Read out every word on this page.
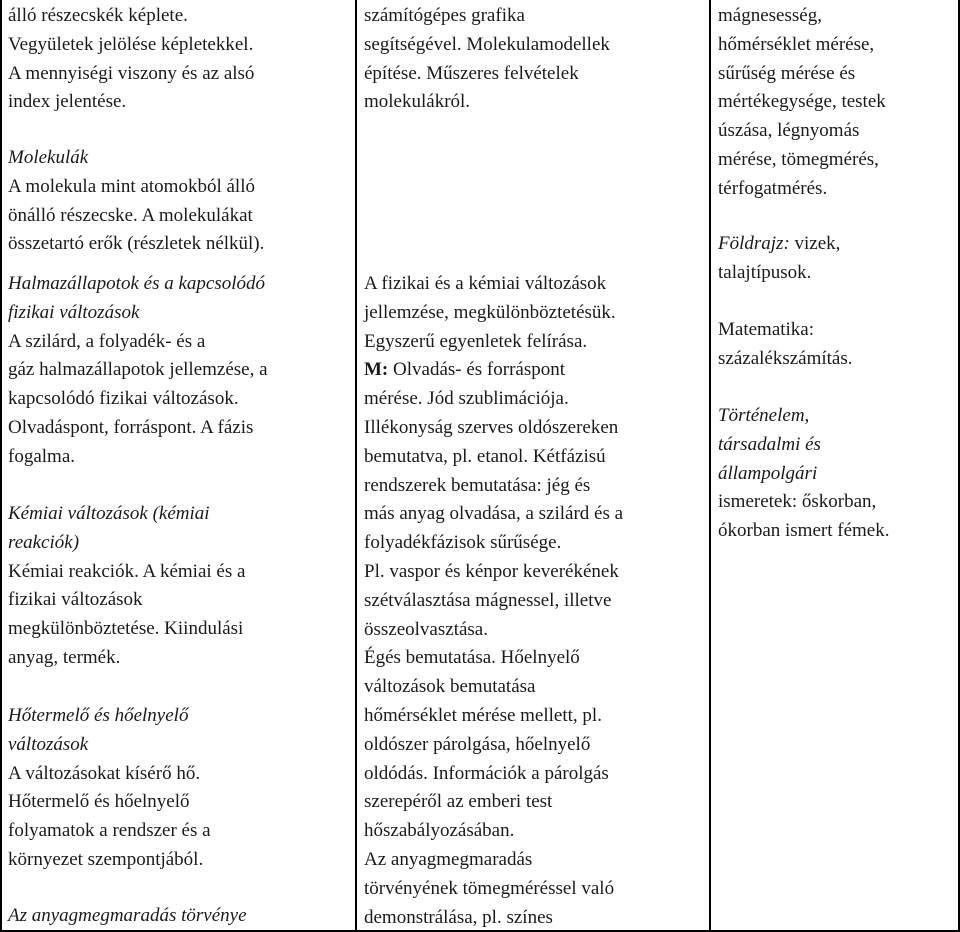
álló részecskék képlete.
Vegyületek jelölése képletekkel.
A mennyiségi viszony és az alsó
index jelentése.
Molekulák
A molekula mint atomokból álló
önálló részecske. A molekulákat
összetartó erők (részletek nélkül).
Halmazállapotok és a kapcsolódó
fizikai változások
A szilárd, a folyadék- és a
gáz halmazállapotok jellemzése, a
kapcsolódó fizikai változások.
Olvadáspont, forráspont. A fázis
fogalma.
Kémiai változások (kémiai
reakciók)
Kémiai reakciók. A kémiai és a
fizikai változások
megkülönböztetése. Kiindulási
anyag, termék.
Hőtermelő és hőelnyelő
változások
A változásokat kísérő hő.
Hőtermelő és hőelnyelő
folyamatok a rendszer és a
környezet szempontjából.
Az anyagmegmaradás törvénye
számítógépes grafika
segítségével. Molekulamodellek
építése. Műszeres felvételek
molekulákról.
A fizikai és a kémiai változások
jellemzése, megkülönböztetésük.
Egyszerű egyenletek felírása.
M: Olvadás- és forráspont
mérése. Jód szublimációja.
Illékonyság szerves oldószereken
bemutatva, pl. etanol. Kétfázisú
rendszerek bemutatása: jég és
más anyag olvadása, a szilárd és a
folyadékfázisok sűrűsége.
Pl. vaspor és kénpor keverékének
szétválasztása mágnessel, illetve
összeolvasztása.
Égés bemutatása. Hőelnyelő
változások bemutatása
hőmérséklet mérése mellett, pl.
oldószer párolgása, hőelnyelő
oldódás. Információk a párolgás
szerepéről az emberi test
hőszabályozásában.
Az anyagmegmaradás
törvényének tömegméréssel való
demonstrálása, pl. színes
mágnesesség,
hőmérséklet mérése,
sűrűség mérése és
mértékegysége, testek
úszása, légnyomás
mérése, tömegmérés,
térfogatmérés.
Földrajz: vizek,
talajtípusok.
Matematika:
százalékszámítás.
Történelem,
társadalmi és
állampolgári
ismeretek: őskorban,
ókorban ismert fémek.
